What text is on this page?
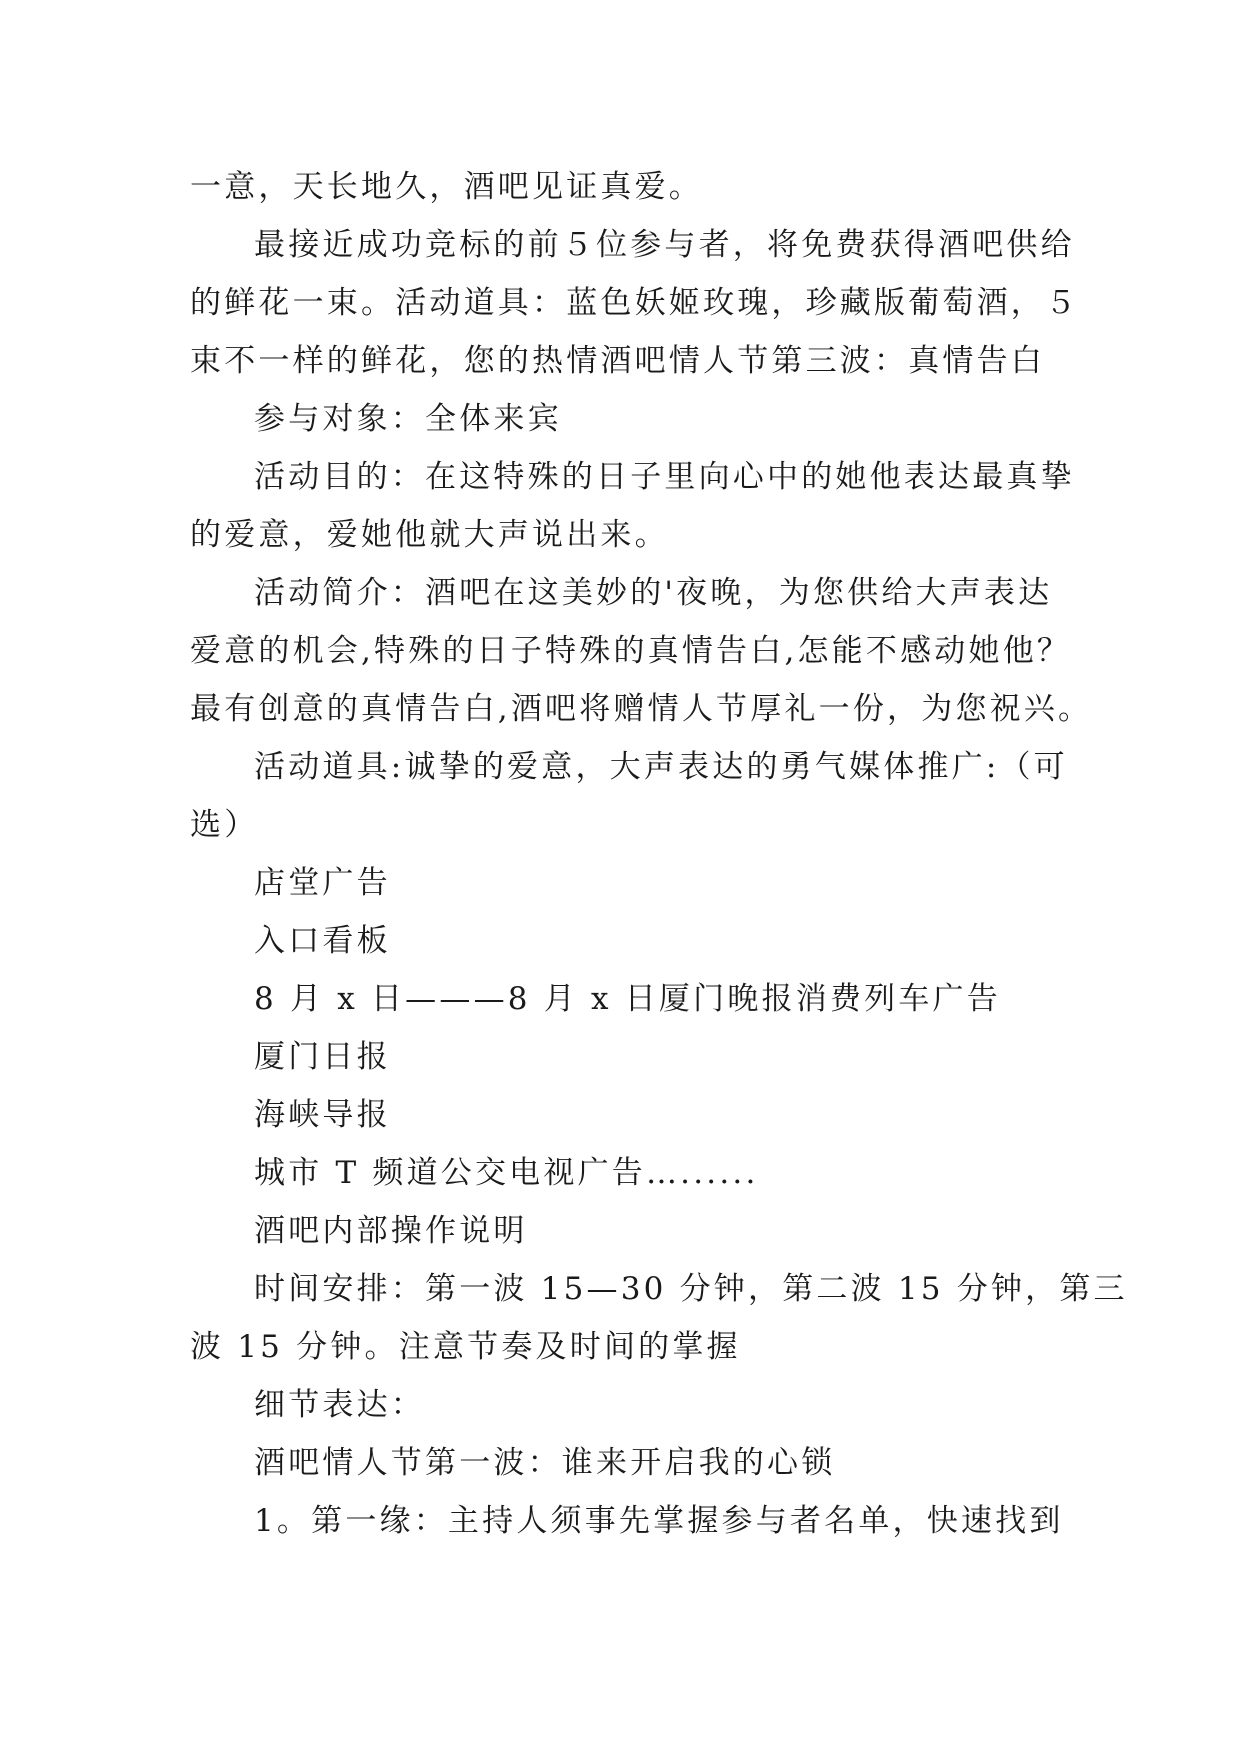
一意，天长地久，酒吧见证真爱。
最接近成功竞标的前５位参与者，将免费获得酒吧供给
的鲜花一束。活动道具：蓝色妖姬玫瑰，珍藏版葡萄酒，５
束不一样的鲜花，您的热情酒吧情人节第三波：真情告白
参与对象：全体来宾
活动目的：在这特殊的日子里向心中的她他表达最真挚
的爱意，爱她他就大声说出来。
活动简介：酒吧在这美妙的'夜晚，为您供给大声表达
爱意的机会,特殊的日子特殊的真情告白,怎能不感动她他？
最有创意的真情告白,酒吧将赠情人节厚礼一份，为您祝兴。
活动道具:诚挚的爱意，大声表达的勇气媒体推广:（可
选）
店堂广告
入口看板
8 月 x 日———8 月 x 日厦门晚报消费列车广告
厦门日报
海峡导报
城市 T 频道公交电视广告…......
酒吧内部操作说明
时间安排：第一波 15—30 分钟，第二波 15 分钟，第三
波 15 分钟。注意节奏及时间的掌握
细节表达：
酒吧情人节第一波：谁来开启我的心锁
1。第一缘：主持人须事先掌握参与者名单，快速找到
